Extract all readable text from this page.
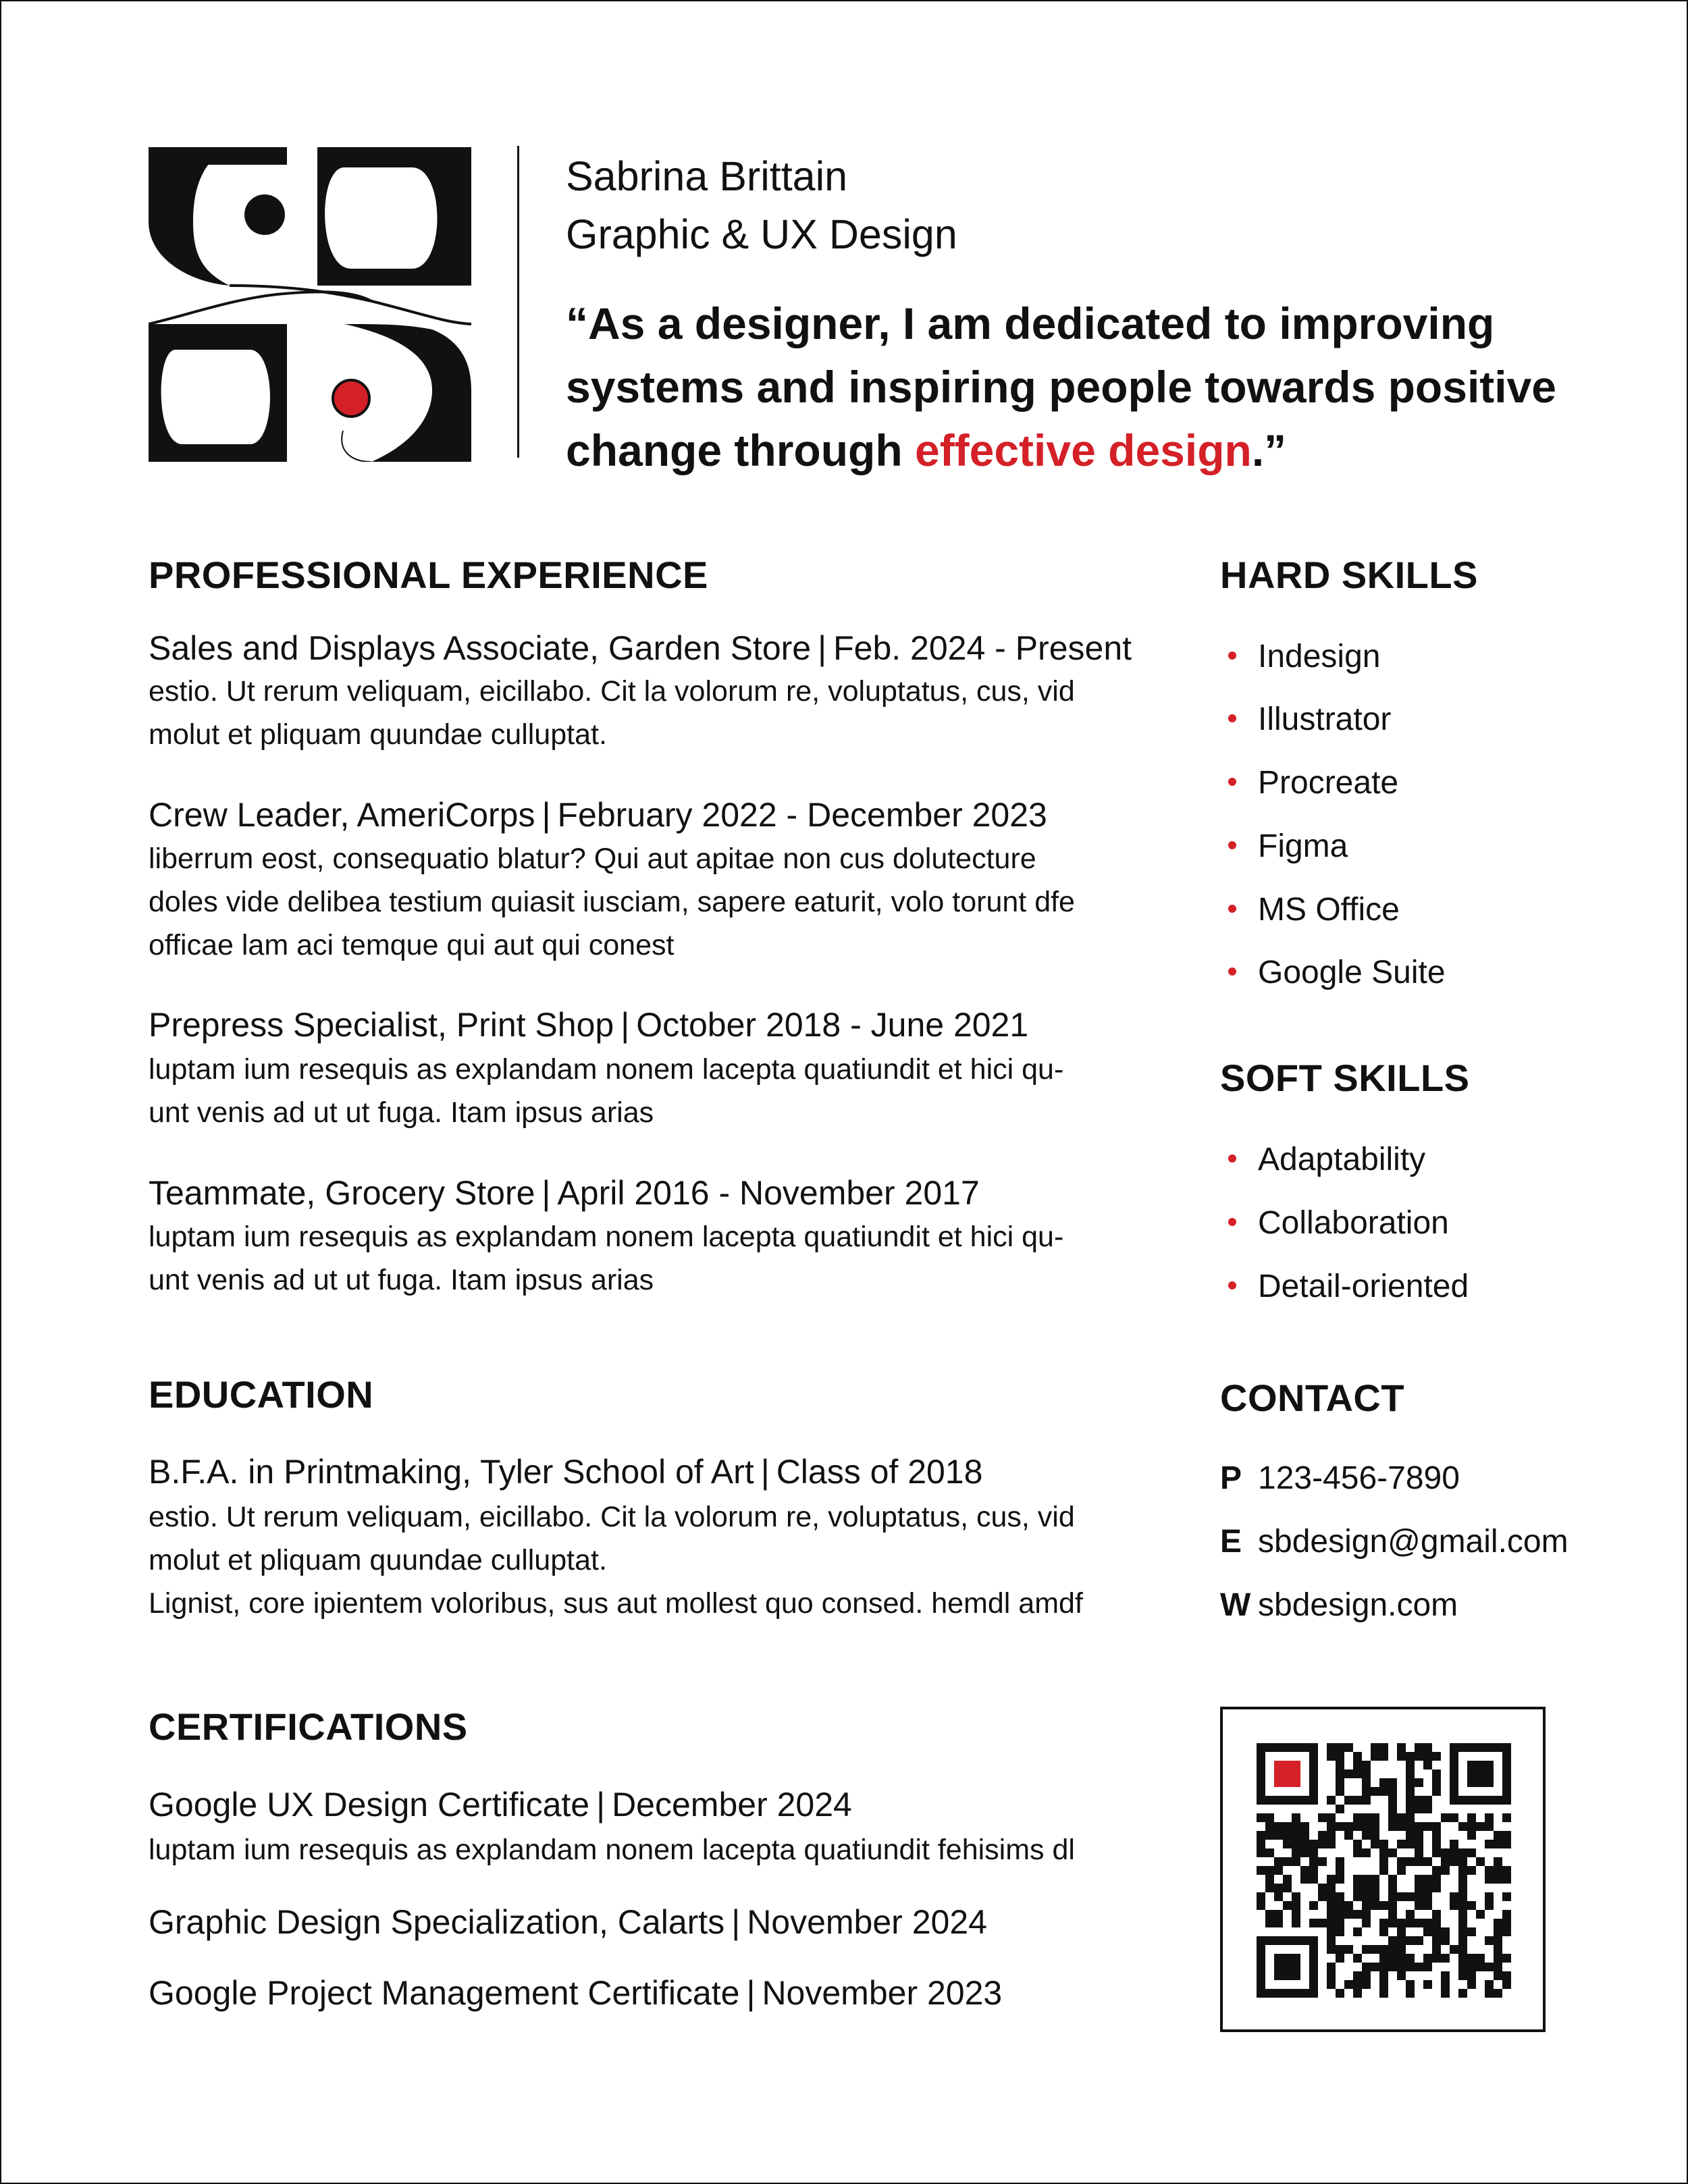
Sabrina Brittain
Graphic & UX Design
“As a designer, I am dedicated to improving systems and inspiring people towards positive change through effective design.”
PROFESSIONAL EXPERIENCE
Sales and Displays Associate, Garden Store | Feb. 2024 - Present
estio. Ut rerum veliquam, eicillabo. Cit la volorum re, voluptatus, cus, vid
molut et pliquam quundae culluptat.
Crew Leader, AmeriCorps | February 2022 - December 2023
liberrum eost, consequatio blatur? Qui aut apitae non cus dolutecture
doles vide delibea testium quiasit iusciam, sapere eaturit, volo torunt dfe
officae lam aci temque qui aut qui conest
Prepress Specialist, Print Shop | October 2018 - June 2021
luptam ium resequis as explandam nonem lacepta quatiundit et hici qu-
unt venis ad ut ut fuga. Itam ipsus arias
Teammate, Grocery Store | April 2016 - November 2017
luptam ium resequis as explandam nonem lacepta quatiundit et hici qu-
unt venis ad ut ut fuga. Itam ipsus arias
EDUCATION
B.F.A. in Printmaking, Tyler School of Art | Class of 2018
estio. Ut rerum veliquam, eicillabo. Cit la volorum re, voluptatus, cus, vid
molut et pliquam quundae culluptat.
Lignist, core ipientem voloribus, sus aut mollest quo consed. hemdl amdf
CERTIFICATIONS
Google UX Design Certificate | December 2024
luptam ium resequis as explandam nonem lacepta quatiundit fehisims dl
Graphic Design Specialization, Calarts | November 2024
Google Project Management Certificate | November 2023
HARD SKILLS
Indesign
Illustrator
Procreate
Figma
MS Office
Google Suite
SOFT SKILLS
Adaptability
Collaboration
Detail-oriented
CONTACT
P 123-456-7890
E sbdesign@gmail.com
W sbdesign.com
